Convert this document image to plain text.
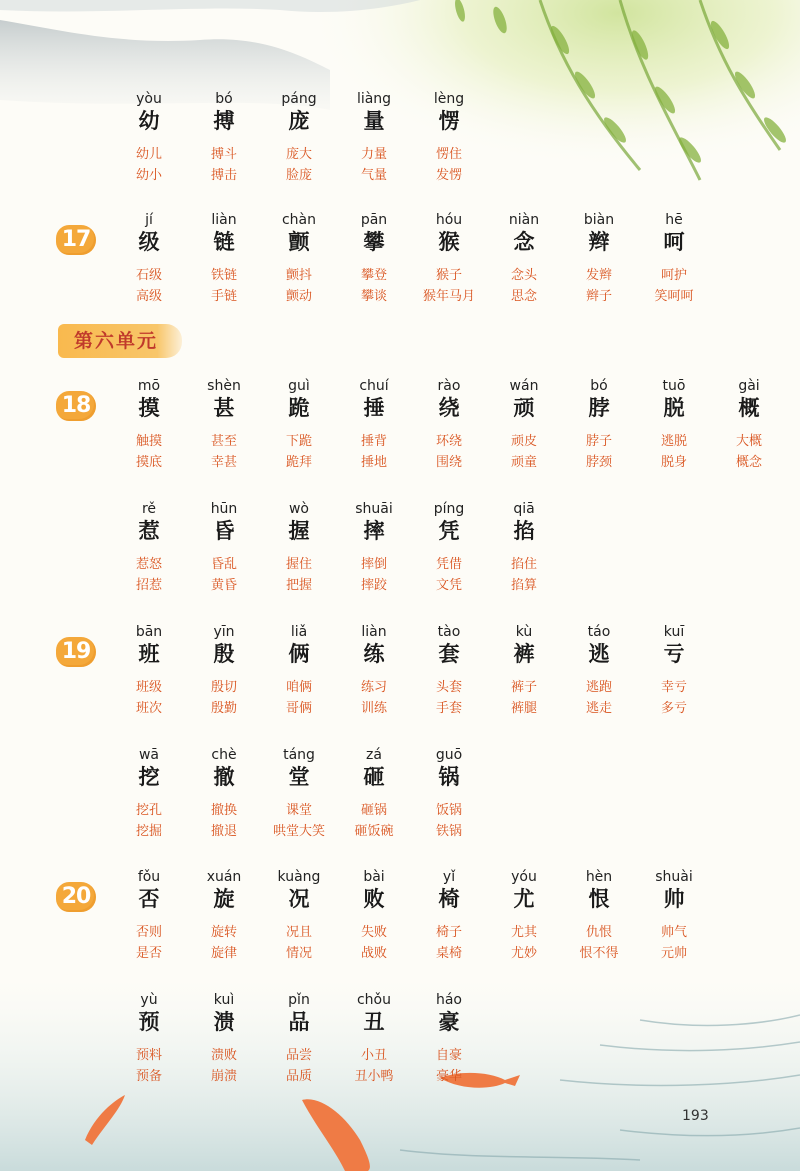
第六单元
yòu
幼
幼儿
幼小
bó
搏
搏斗
搏击
páng
庞
庞大
脸庞
liàng
量
力量
气量
lèng
愣
愣住
发愣
17
jí
级
石级
高级
liàn
链
铁链
手链
chàn
颤
颤抖
颤动
pān
攀
攀登
攀谈
hóu
猴
猴子
猴年马月
niàn
念
念头
思念
biàn
辫
发辫
辫子
hē
呵
呵护
笑呵呵
18
mō
摸
触摸
摸底
shèn
甚
甚至
幸甚
guì
跪
下跪
跪拜
chuí
捶
捶背
捶地
rào
绕
环绕
围绕
wán
顽
顽皮
顽童
bó
脖
脖子
脖颈
tuō
脱
逃脱
脱身
gài
概
大概
概念
rě
惹
惹怒
招惹
hūn
昏
昏乱
黄昏
wò
握
握住
把握
shuāi
摔
摔倒
摔跤
píng
凭
凭借
文凭
qiā
掐
掐住
掐算
19
bān
班
班级
班次
yīn
殷
殷切
殷勤
liǎ
俩
咱俩
哥俩
liàn
练
练习
训练
tào
套
头套
手套
kù
裤
裤子
裤腿
táo
逃
逃跑
逃走
kuī
亏
幸亏
多亏
wā
挖
挖孔
挖掘
chè
撤
撤换
撤退
táng
堂
课堂
哄堂大笑
zá
砸
砸锅
砸饭碗
guō
锅
饭锅
铁锅
20
fǒu
否
否则
是否
xuán
旋
旋转
旋律
kuàng
况
况且
情况
bài
败
失败
战败
yǐ
椅
椅子
桌椅
yóu
尤
尤其
尤妙
hèn
恨
仇恨
恨不得
shuài
帅
帅气
元帅
yù
预
预料
预备
kuì
溃
溃败
崩溃
pǐn
品
品尝
品质
chǒu
丑
小丑
丑小鸭
háo
豪
自豪
豪华
193
